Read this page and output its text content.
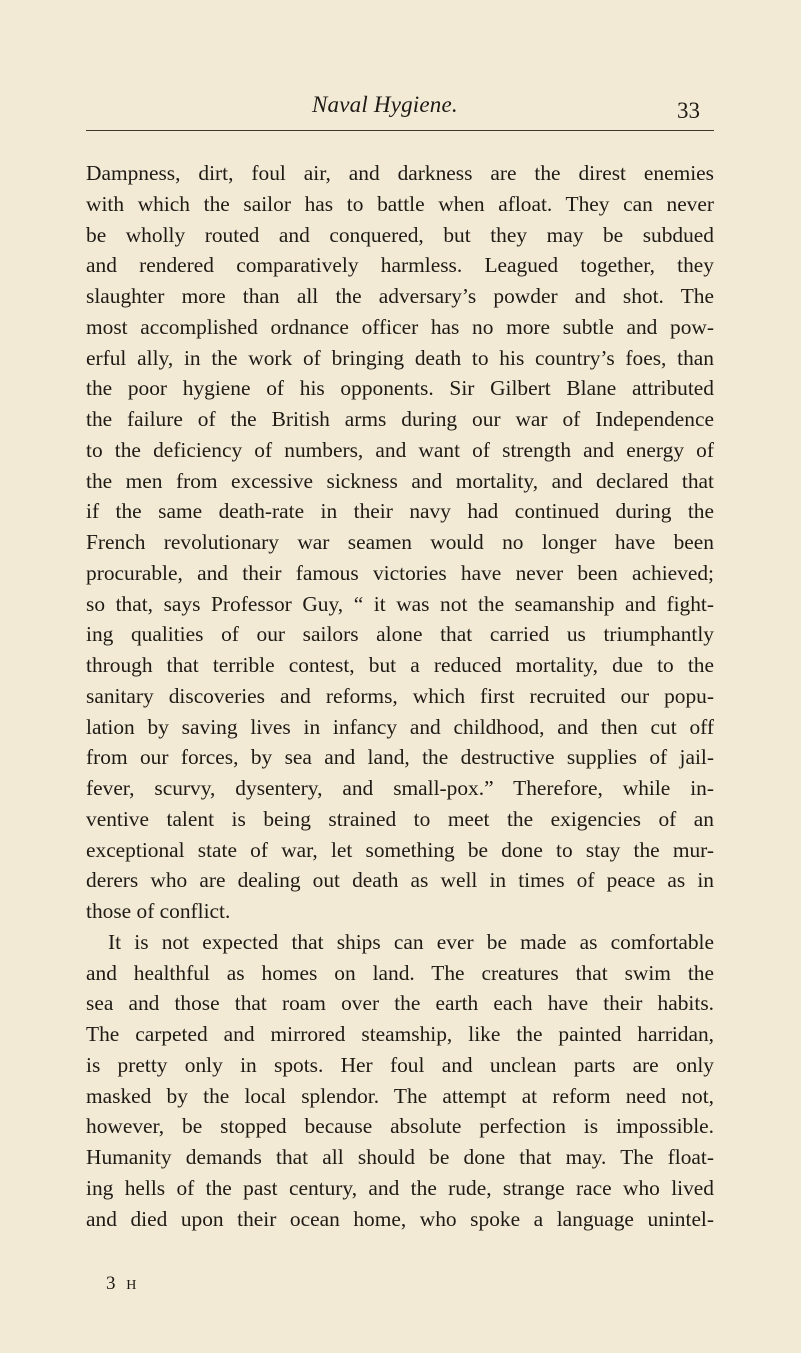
Naval Hygiene.	33
Dampness, dirt, foul air, and darkness are the direst enemies
with which the sailor has to battle when afloat. They can never
be wholly routed and conquered, but they may be subdued
and rendered comparatively harmless. Leagued together, they
slaughter more than all the adversary’s powder and shot. The
most accomplished ordnance officer has no more subtle and pow-
erful ally, in the work of bringing death to his country’s foes, than
the poor hygiene of his opponents. Sir Gilbert Blane attributed
the failure of the British arms during our war of Independence
to the deficiency of numbers, and want of strength and energy of
the men from excessive sickness and mortality, and declared that
if the same death-rate in their navy had continued during the
French revolutionary war seamen would no longer have been
procurable, and their famous victories have never been achieved;
so that, says Professor Guy, “ it was not the seamanship and fight-
ing qualities of our sailors alone that carried us triumphantly
through that terrible contest, but a reduced mortality, due to the
sanitary discoveries and reforms, which first recruited our popu-
lation by saving lives in infancy and childhood, and then cut off
from our forces, by sea and land, the destructive supplies of jail-
fever, scurvy, dysentery, and small-pox.” Therefore, while in-
ventive talent is being strained to meet the exigencies of an
exceptional state of war, let something be done to stay the mur-
derers who are dealing out death as well in times of peace as in
those of conflict.
It is not expected that ships can ever be made as comfortable
and healthful as homes on land. The creatures that swim the
sea and those that roam over the earth each have their habits.
The carpeted and mirrored steamship, like the painted harridan,
is pretty only in spots. Her foul and unclean parts are only
masked by the local splendor. The attempt at reform need not,
however, be stopped because absolute perfection is impossible.
Humanity demands that all should be done that may. The float-
ing hells of the past century, and the rude, strange race who lived
and died upon their ocean home, who spoke a language unintel-
3 H
